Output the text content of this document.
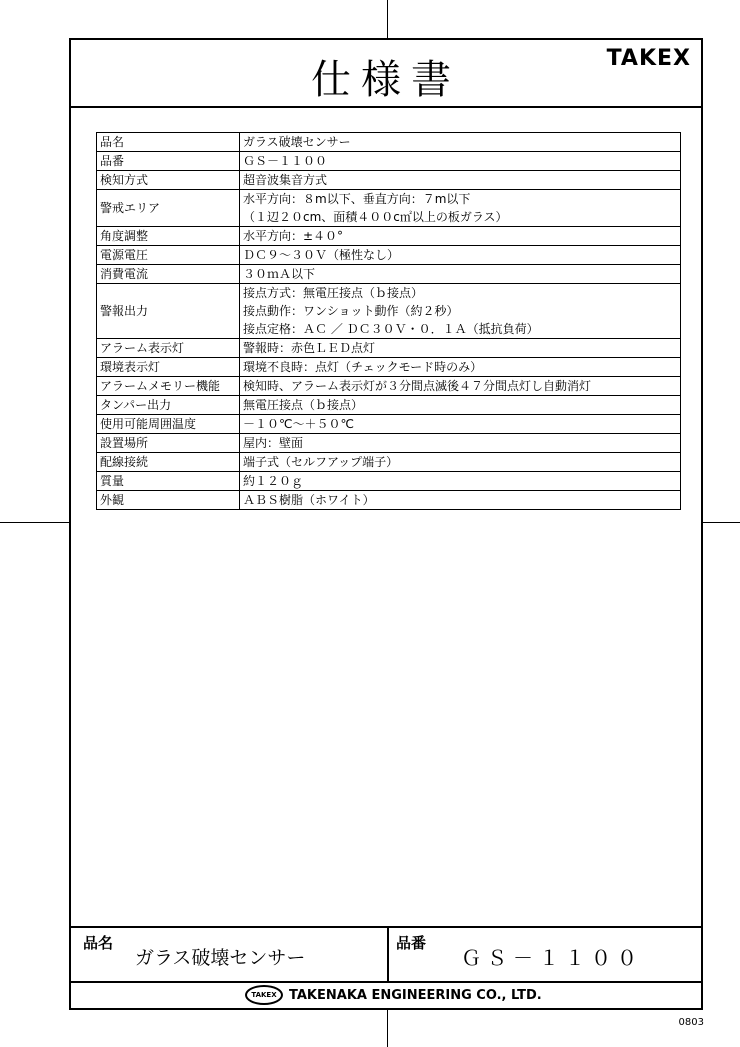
仕様書	TAKEX
品名	ガラス破壊センサー

品番	ＧＳ－１１００

検知方式	超音波集音方式

警戒エリア	水平方向：８m以下、垂直方向：７m以下
（１辺２０cm、面積４００c㎡以上の板ガラス）

角度調整	水平方向：±４０°

電源電圧	ＤＣ９～３０Ｖ（極性なし）

消費電流	３０ｍＡ以下

警報出力	接点方式：無電圧接点（ｂ接点）
接点動作：ワンショット動作（約２秒）
接点定格：ＡＣ ／ ＤＣ３０Ｖ・０．１Ａ（抵抗負荷）

アラーム表示灯	警報時：赤色ＬＥＤ点灯

環境表示灯	環境不良時：点灯（チェックモード時のみ）

アラームメモリー機能	検知時、アラーム表示灯が３分間点滅後４７分間点灯し自動消灯

タンパー出力	無電圧接点（ｂ接点）

使用可能周囲温度	－１０℃～＋５０℃

設置場所	屋内：壁面

配線接続	端子式（セルフアップ端子）

質量	約１２０ｇ

外観	ＡＢＳ樹脂（ホワイト）
品名
ガラス破壊センサー
品番
ＧＳ－１１００
TAKEX TAKENAKA ENGINEERING CO., LTD.
0803
